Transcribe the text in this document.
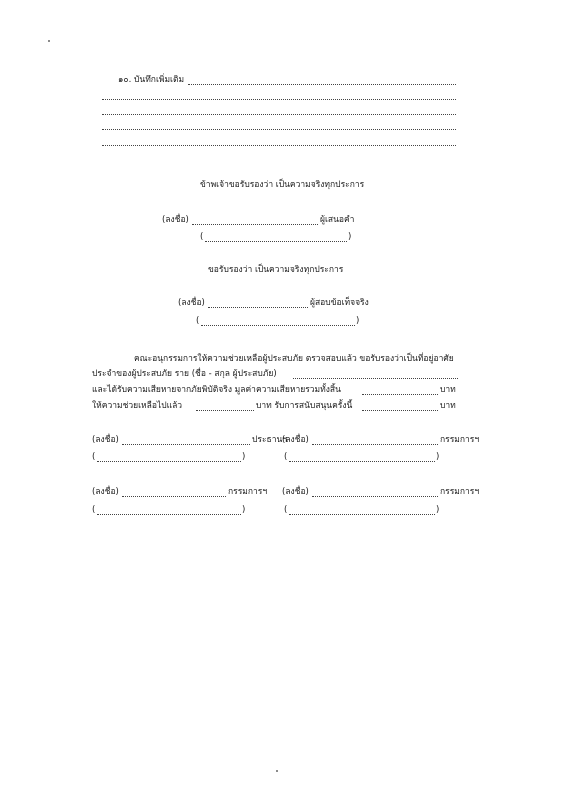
๑๐. บันทึกเพิ่มเติม
ข้าพเจ้าขอรับรองว่า เป็นความจริงทุกประการ
(ลงชื่อ)	ผู้เสนอคำ
(	)
ขอรับรองว่า เป็นความจริงทุกประการ
(ลงชื่อ)	ผู้สอบข้อเท็จจริง
(	)
คณะอนุกรรมการให้ความช่วยเหลือผู้ประสบภัย ตรวจสอบแล้ว ขอรับรองว่าเป็นที่อยู่อาศัย
ประจำของผู้ประสบภัย ราย (ชื่อ - สกุล ผู้ประสบภัย)
และได้รับความเสียหายจากภัยพิบัติจริง มูลค่าความเสียหายรวมทั้งสิ้น	บาท
ให้ความช่วยเหลือไปแล้ว	บาท รับการสนับสนุนครั้งนี้	บาท
(ลงชื่อ)	ประธานฯ
(	)
(ลงชื่อ)	กรรมการฯ
(	)
(ลงชื่อ)	กรรมการฯ
(	)
(ลงชื่อ)	กรรมการฯ
(	)
